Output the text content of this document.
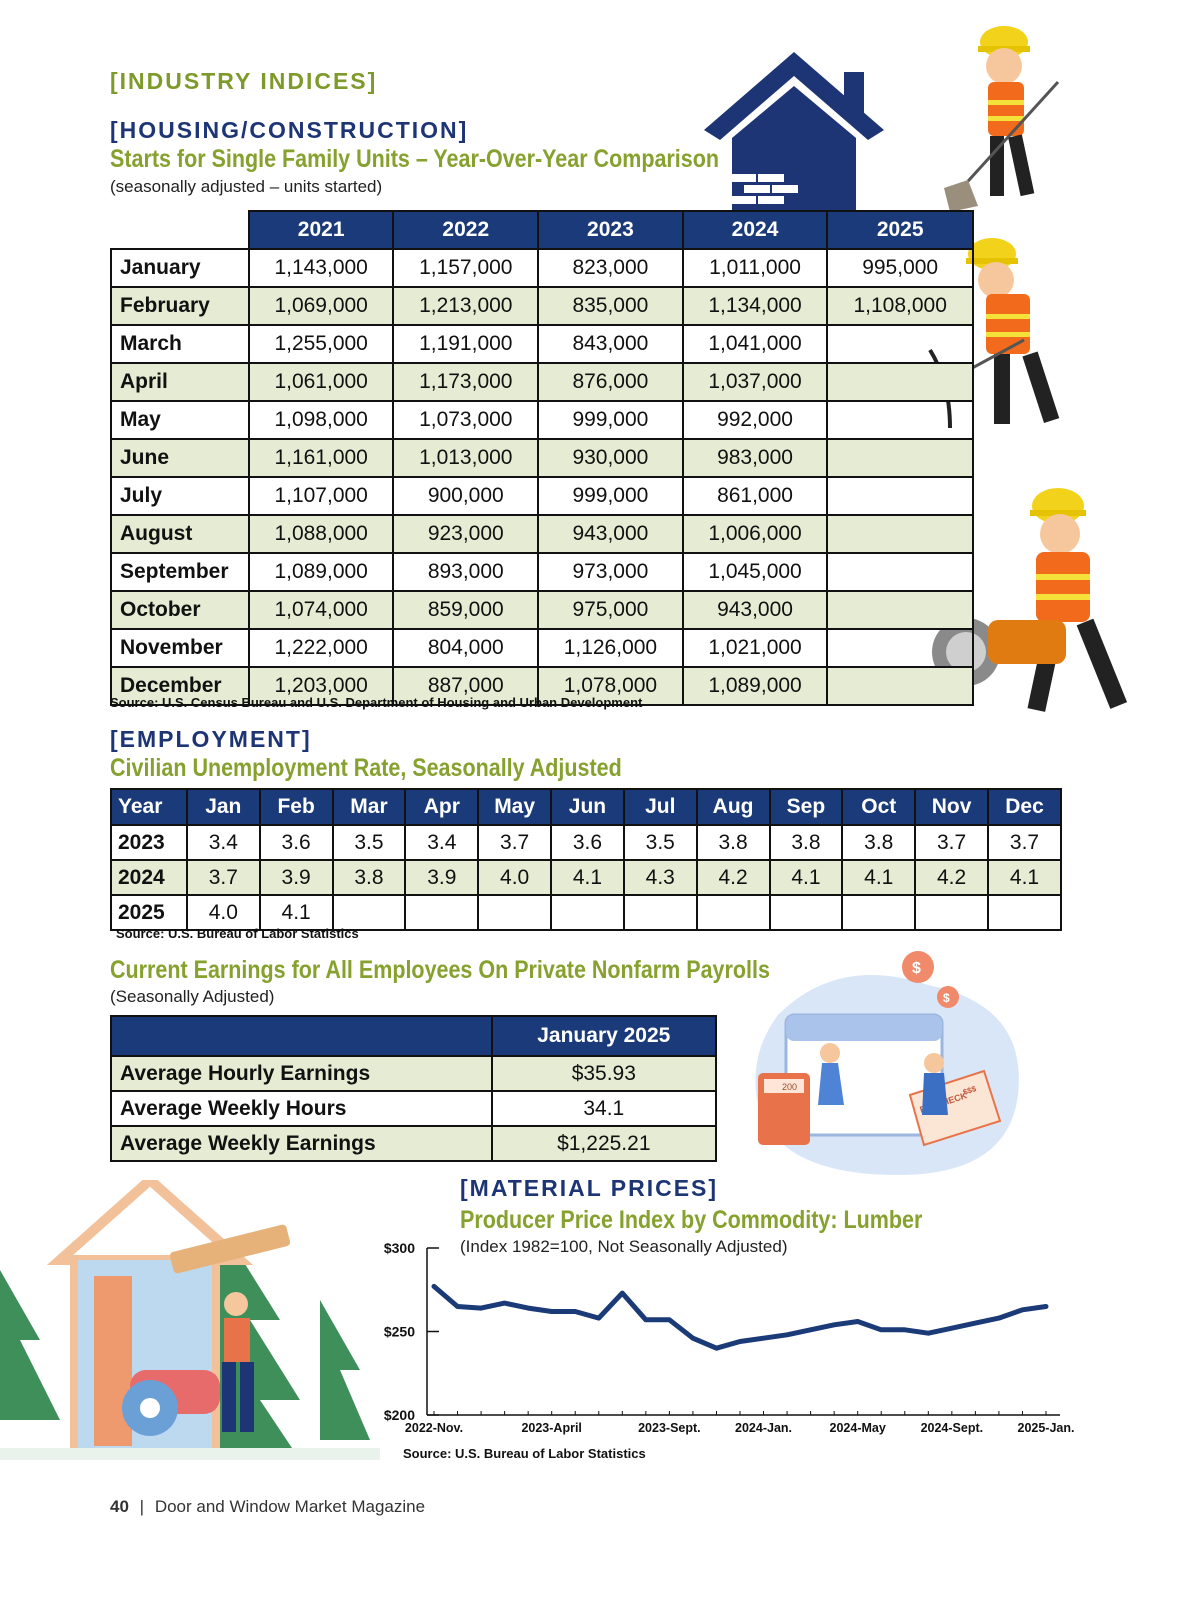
[INDUSTRY INDICES]
[HOUSING/CONSTRUCTION]
Starts for Single Family Units – Year-Over-Year Comparison
(seasonally adjusted – units started)
	2021	2022	2023	2024	2025
January	1,143,000	1,157,000	823,000	1,011,000	995,000
February	1,069,000	1,213,000	835,000	1,134,000	1,108,000
March	1,255,000	1,191,000	843,000	1,041,000	
April	1,061,000	1,173,000	876,000	1,037,000	
May	1,098,000	1,073,000	999,000	992,000	
June	1,161,000	1,013,000	930,000	983,000	
July	1,107,000	900,000	999,000	861,000	
August	1,088,000	923,000	943,000	1,006,000	
September	1,089,000	893,000	973,000	1,045,000	
October	1,074,000	859,000	975,000	943,000	
November	1,222,000	804,000	1,126,000	1,021,000	
December	1,203,000	887,000	1,078,000	1,089,000	
Source: U.S. Census Bureau and U.S. Department of Housing and Urban Development
[EMPLOYMENT]
Civilian Unemployment Rate, Seasonally Adjusted
Year	Jan	Feb	Mar	Apr	May	Jun	Jul	Aug	Sep	Oct	Nov	Dec
2023	3.4	3.6	3.5	3.4	3.7	3.6	3.5	3.8	3.8	3.8	3.7	3.7
2024	3.7	3.9	3.8	3.9	4.0	4.1	4.3	4.2	4.1	4.1	4.2	4.1
2025	4.0	4.1										
Source: U.S. Bureau of Labor Statistics
Current Earnings for All Employees On Private Nonfarm Payrolls
(Seasonally Adjusted)
	January 2025
Average Hourly Earnings	$35.93
Average Weekly Hours	34.1
Average Weekly Earnings	$1,225.21
$
$
200	$$$
[MATERIAL PRICES]
Producer Price Index by Commodity: Lumber
(Index 1982=100, Not Seasonally Adjusted)
$300
$250
$200
2022-Nov.	2023-April	2023-Sept.	2024-Jan.	2024-May	2024-Sept.	2025-Jan.
Source: U.S. Bureau of Labor Statistics
40 | Door and Window Market Magazine
